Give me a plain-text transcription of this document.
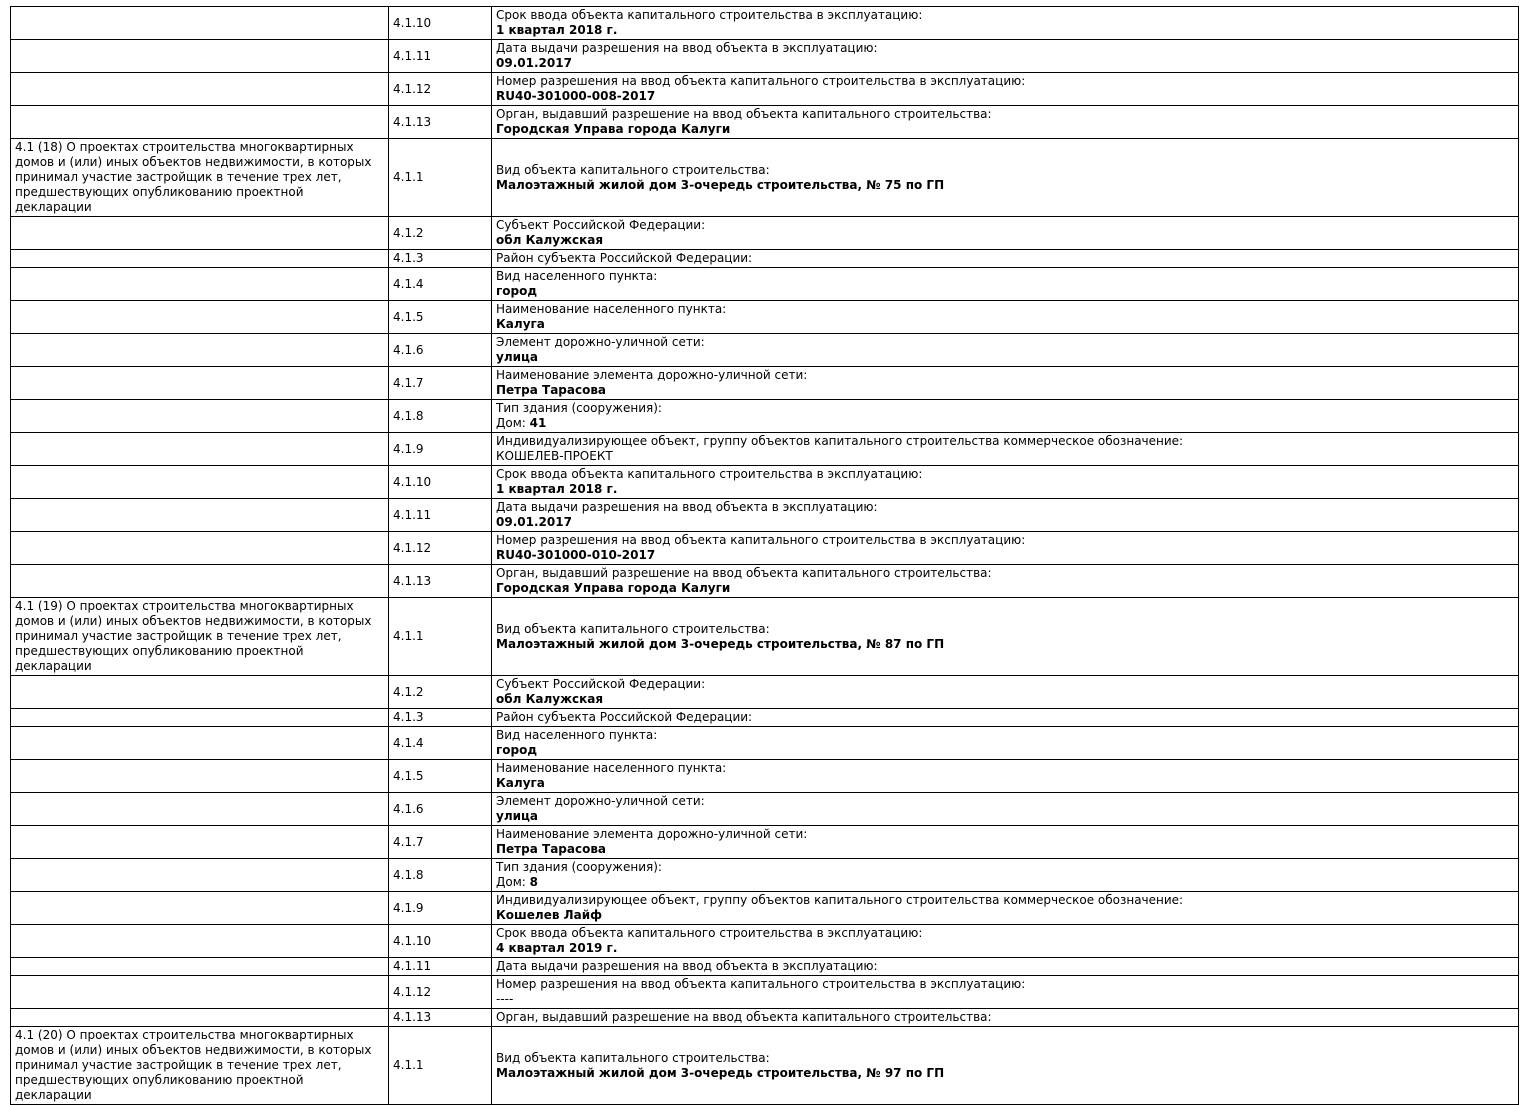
	4.1.10	Срок ввода объекта капитального строительства в эксплуатацию:
1 квартал 2018 г.

	4.1.11	Дата выдачи разрешения на ввод объекта в эксплуатацию:
09.01.2017

	4.1.12	Номер разрешения на ввод объекта капитального строительства в эксплуатацию:
RU40-301000-008-2017

	4.1.13	Орган, выдавший разрешение на ввод объекта капитального строительства:
Городская Управа города Калуги

4.1 (18) О проектах строительства многоквартирных домов и (или) иных объектов недвижимости, в которых принимал участие застройщик в течение трех лет, предшествующих опубликованию проектной декларации	4.1.1	Вид объекта капитального строительства:
Малоэтажный жилой дом 3-очередь строительства, № 75 по ГП

	4.1.2	Субъект Российской Федерации:
обл Калужская

	4.1.3	Район субъекта Российской Федерации:

	4.1.4	Вид населенного пункта:
город

	4.1.5	Наименование населенного пункта:
Калуга

	4.1.6	Элемент дорожно-уличной сети:
улица

	4.1.7	Наименование элемента дорожно-уличной сети:
Петра Тарасова

	4.1.8	Тип здания (сооружения):
Дом: 41

	4.1.9	Индивидуализирующее объект, группу объектов капитального строительства коммерческое обозначение:
КОШЕЛЕВ-ПРОЕКТ

	4.1.10	Срок ввода объекта капитального строительства в эксплуатацию:
1 квартал 2018 г.

	4.1.11	Дата выдачи разрешения на ввод объекта в эксплуатацию:
09.01.2017

	4.1.12	Номер разрешения на ввод объекта капитального строительства в эксплуатацию:
RU40-301000-010-2017

	4.1.13	Орган, выдавший разрешение на ввод объекта капитального строительства:
Городская Управа города Калуги

4.1 (19) О проектах строительства многоквартирных домов и (или) иных объектов недвижимости, в которых принимал участие застройщик в течение трех лет, предшествующих опубликованию проектной декларации	4.1.1	Вид объекта капитального строительства:
Малоэтажный жилой дом 3-очередь строительства, № 87 по ГП

	4.1.2	Субъект Российской Федерации:
обл Калужская

	4.1.3	Район субъекта Российской Федерации:

	4.1.4	Вид населенного пункта:
город

	4.1.5	Наименование населенного пункта:
Калуга

	4.1.6	Элемент дорожно-уличной сети:
улица

	4.1.7	Наименование элемента дорожно-уличной сети:
Петра Тарасова

	4.1.8	Тип здания (сооружения):
Дом: 8

	4.1.9	Индивидуализирующее объект, группу объектов капитального строительства коммерческое обозначение:
Кошелев Лайф

	4.1.10	Срок ввода объекта капитального строительства в эксплуатацию:
4 квартал 2019 г.

	4.1.11	Дата выдачи разрешения на ввод объекта в эксплуатацию:

	4.1.12	Номер разрешения на ввод объекта капитального строительства в эксплуатацию:
----

	4.1.13	Орган, выдавший разрешение на ввод объекта капитального строительства:

4.1 (20) О проектах строительства многоквартирных домов и (или) иных объектов недвижимости, в которых принимал участие застройщик в течение трех лет, предшествующих опубликованию проектной декларации	4.1.1	Вид объекта капитального строительства:
Малоэтажный жилой дом 3-очередь строительства, № 97 по ГП
